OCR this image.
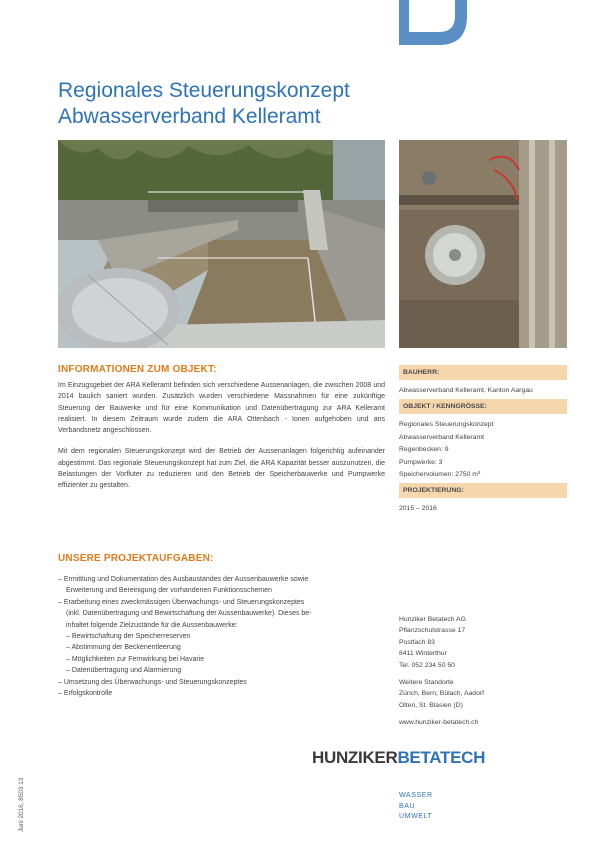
Regionales Steuerungskonzept
Abwasserverband Kelleramt
INFORMATIONEN ZUM OBJEKT:

Im Einzugsgebiet der ARA Kelleramt befinden sich verschiedene Aussenanlagen, die zwischen 2008 und 2014 baulich saniert wurden. Zusätzlich wurden verschiedene Massnahmen für eine zukünftige Steuerung der Bauwerke und für eine Kommunikation und Datenübertragung zur ARA Kelleramt realisiert. In diesem Zeitraum wurde zudem die ARA Ottenbach - Ionen aufgehoben und ans Verbandsnetz angeschlossen.

Mit dem regionalen Steuerungskonzept wird der Betrieb der Aussenanlagen folgerichtig aufeinander abgestimmt. Das regionale Steuerungskonzept hat zum Ziel, die ARA Kapazität besser auszunutzen, die Belastungen der Vorfluter zu reduzieren und den Betrieb der Speicherbauwerke und Pumpwerke effizienter zu gestalten.

UNSERE PROJEKTAUFGABEN:
– Ermittlung und Dokumentation des Ausbaustandes der Aussenbauwerke sowie
Erweiterung und Bereinigung der vorhandenen Funktionsschemen
– Erarbeitung eines zweckmässigen Überwachungs- und Steuerungskonzeptes
(inkl. Datenübertragung und Bewirtschaftung der Aussenbauwerke). Dieses be-
inhaltet folgende Zielzustände für die Aussenbauwerke:
– Bewirtschaftung der Speicherreserven
– Abstimmung der Beckenentleerung
– Möglichkeiten zur Fernwirkung bei Havarie
– Datenübertragung und Alarmierung
– Umsetzung des Überwachungs- und Steuerungskonzeptes
– Erfolgskontrolle
BAUHERR:
Abwasserverband Kelleramt, Kanton Aargau
OBJEKT / KENNGRÖSSE:
Regionales Steuerungskonzept
Abwasserverband Kelleramt
Regenbecken: 9
Pumpwerke: 3
Speichervolumen: 2750 m³
PROJEKTIERUNG:
2015 – 2016

Hunziker Betatech AG
Pflanzschulstrasse 17
Postfach 83
8411 Winterthur
Tel. 052 234 50 50

Weitere Standorte
Zürich, Bern, Bülach, Aadorf
Olten, St. Blasien (D)

www.hunziker-betatech.ch

HUNZIKERBETATECH
WASSER
BAU
UMWELT
Juni 2016, 8503 13
